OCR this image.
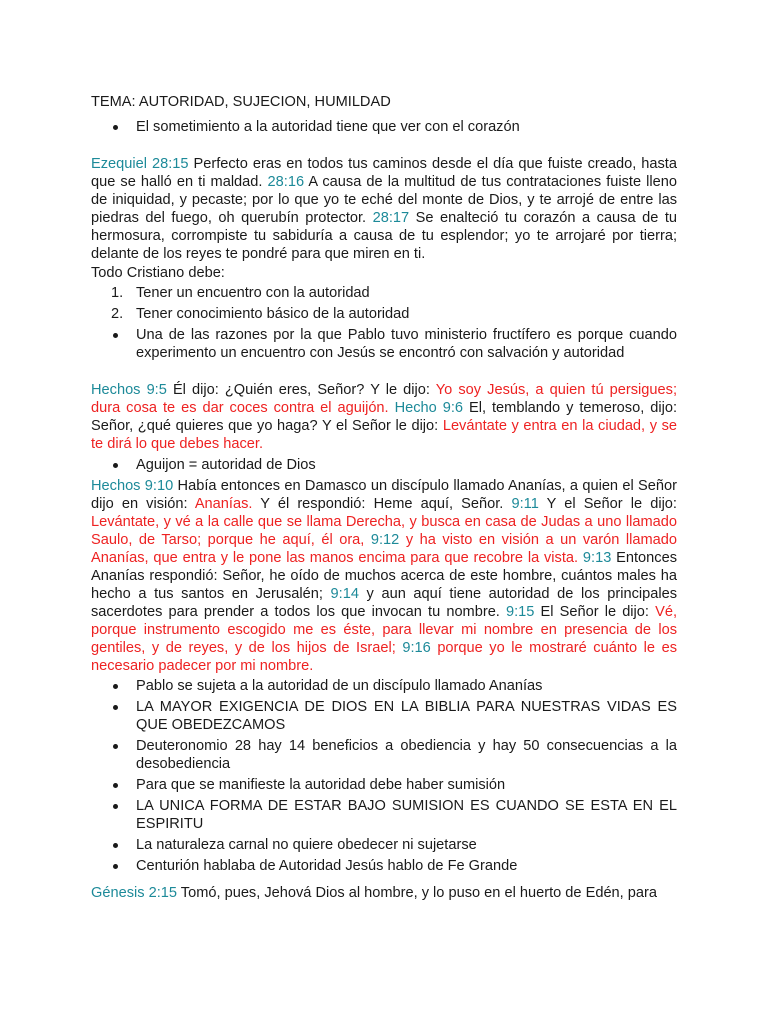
TEMA: AUTORIDAD, SUJECION, HUMILDAD
El sometimiento a la autoridad tiene que ver con el corazón

Ezequiel 28:15 Perfecto eras en todos tus caminos desde el día que fuiste creado, hasta que se halló en ti maldad. 28:16 A causa de la multitud de tus contrataciones fuiste lleno de iniquidad, y pecaste; por lo que yo te eché del monte de Dios, y te arrojé de entre las piedras del fuego, oh querubín protector. 28:17 Se enalteció tu corazón a causa de tu hermosura, corrompiste tu sabiduría a causa de tu esplendor; yo te arrojaré por tierra; delante de los reyes te pondré para que miren en ti.

Todo Cristiano debe:
1. Tener un encuentro con la autoridad
2. Tener conocimiento básico de la autoridad
Una de las razones por la que Pablo tuvo ministerio fructífero es porque cuando experimento un encuentro con Jesús se encontró con salvación y autoridad

Hechos 9:5 Él dijo: ¿Quién eres, Señor? Y le dijo: Yo soy Jesús, a quien tú persigues; dura cosa te es dar coces contra el aguijón. Hecho 9:6 El, temblando y temeroso, dijo: Señor, ¿qué quieres que yo haga? Y el Señor le dijo: Levántate y entra en la ciudad, y se te dirá lo que debes hacer.

Aguijon = autoridad de Dios

Hechos 9:10 Había entonces en Damasco un discípulo llamado Ananías, a quien el Señor dijo en visión: Ananías. Y él respondió: Heme aquí, Señor. 9:11 Y el Señor le dijo: Levántate, y vé a la calle que se llama Derecha, y busca en casa de Judas a uno llamado Saulo, de Tarso; porque he aquí, él ora, 9:12 y ha visto en visión a un varón llamado Ananías, que entra y le pone las manos encima para que recobre la vista. 9:13 Entonces Ananías respondió: Señor, he oído de muchos acerca de este hombre, cuántos males ha hecho a tus santos en Jerusalén; 9:14 y aun aquí tiene autoridad de los principales sacerdotes para prender a todos los que invocan tu nombre. 9:15 El Señor le dijo: Vé, porque instrumento escogido me es éste, para llevar mi nombre en presencia de los gentiles, y de reyes, y de los hijos de Israel; 9:16 porque yo le mostraré cuánto le es necesario padecer por mi nombre.

Pablo se sujeta a la autoridad de un discípulo llamado Ananías
LA MAYOR EXIGENCIA DE DIOS EN LA BIBLIA PARA NUESTRAS VIDAS ES QUE OBEDEZCAMOS
Deuteronomio 28 hay 14 beneficios a obediencia y hay 50 consecuencias a la desobediencia
Para que se manifieste la autoridad debe haber sumisión
LA UNICA FORMA DE ESTAR BAJO SUMISION ES CUANDO SE ESTA EN EL ESPIRITU
La naturaleza carnal no quiere obedecer ni sujetarse
Centurión hablaba de Autoridad Jesús hablo de Fe Grande

Génesis 2:15 Tomó, pues, Jehová Dios al hombre, y lo puso en el huerto de Edén, para
